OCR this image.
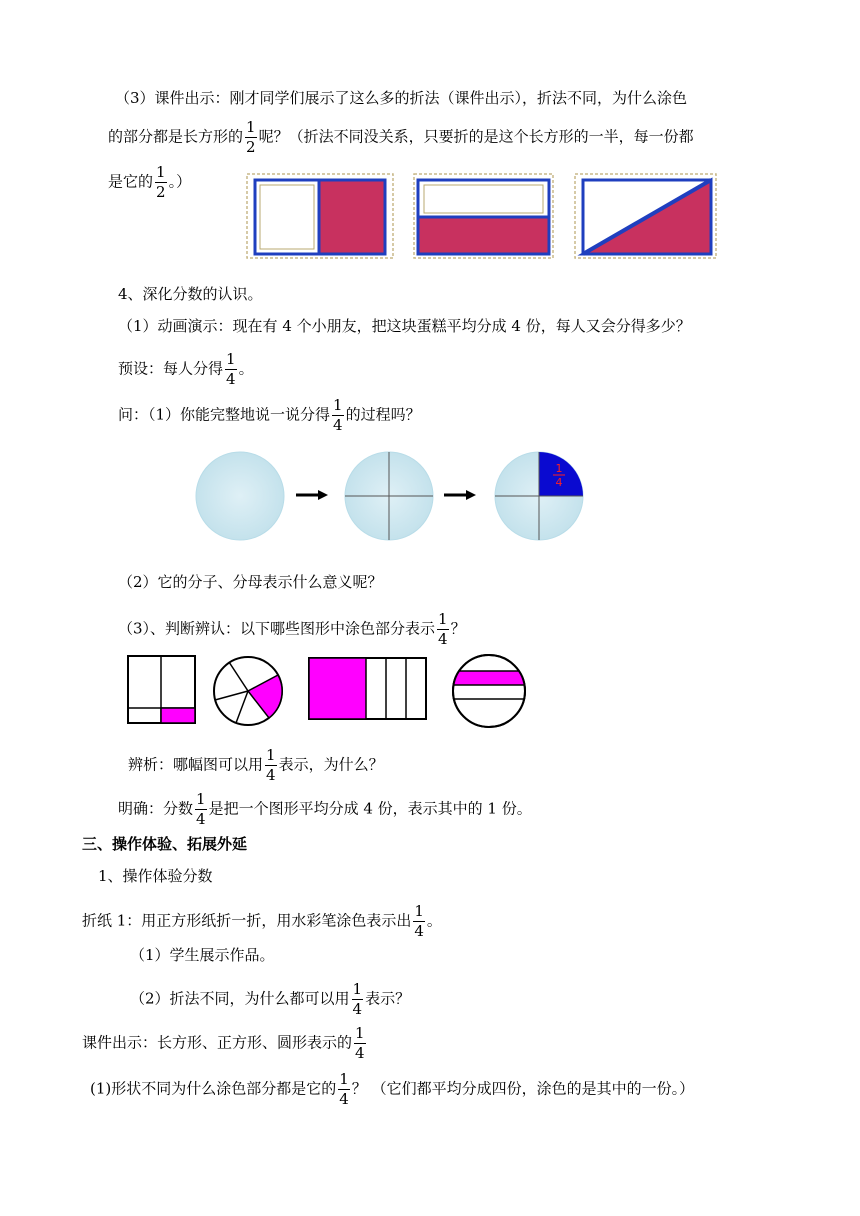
（3）课件出示：刚才同学们展示了这么多的折法（课件出示），折法不同，为什么涂色
的部分都是长方形的 $\frac{1}{2}$ 呢？（折法不同没关系，只要折的是这个长方形的一半，每一份都
是它的 $\frac{1}{2}$ 。）
4、深化分数的认识。
（1）动画演示：现在有 4 个小朋友，把这块蛋糕平均分成 4 份，每人又会分得多少？
预设：每人分得 $\frac{1}{4}$ 。
问：（1）你能完整地说一说分得 $\frac{1}{4}$ 的过程吗？
1
4
（2）它的分子、分母表示什么意义呢？
（3）、判断辨认：以下哪些图形中涂色部分表示 $\frac{1}{4}$ ？
辨析：哪幅图可以用 $\frac{1}{4}$ 表示，为什么？
明确：分数 $\frac{1}{4}$ 是把一个图形平均分成 4 份，表示其中的 1 份。
三、操作体验、拓展外延
1、操作体验分数
折纸 1：用正方形纸折一折，用水彩笔涂色表示出 $\frac{1}{4}$ 。
（1）学生展示作品。
（2）折法不同，为什么都可以用 $\frac{1}{4}$ 表示？
课件出示：长方形、正方形、圆形表示的 $\frac{1}{4}$
(1)形状不同为什么涂色部分都是它的 $\frac{1}{4}$ ？ （它们都平均分成四份，涂色的是其中的一份。）
